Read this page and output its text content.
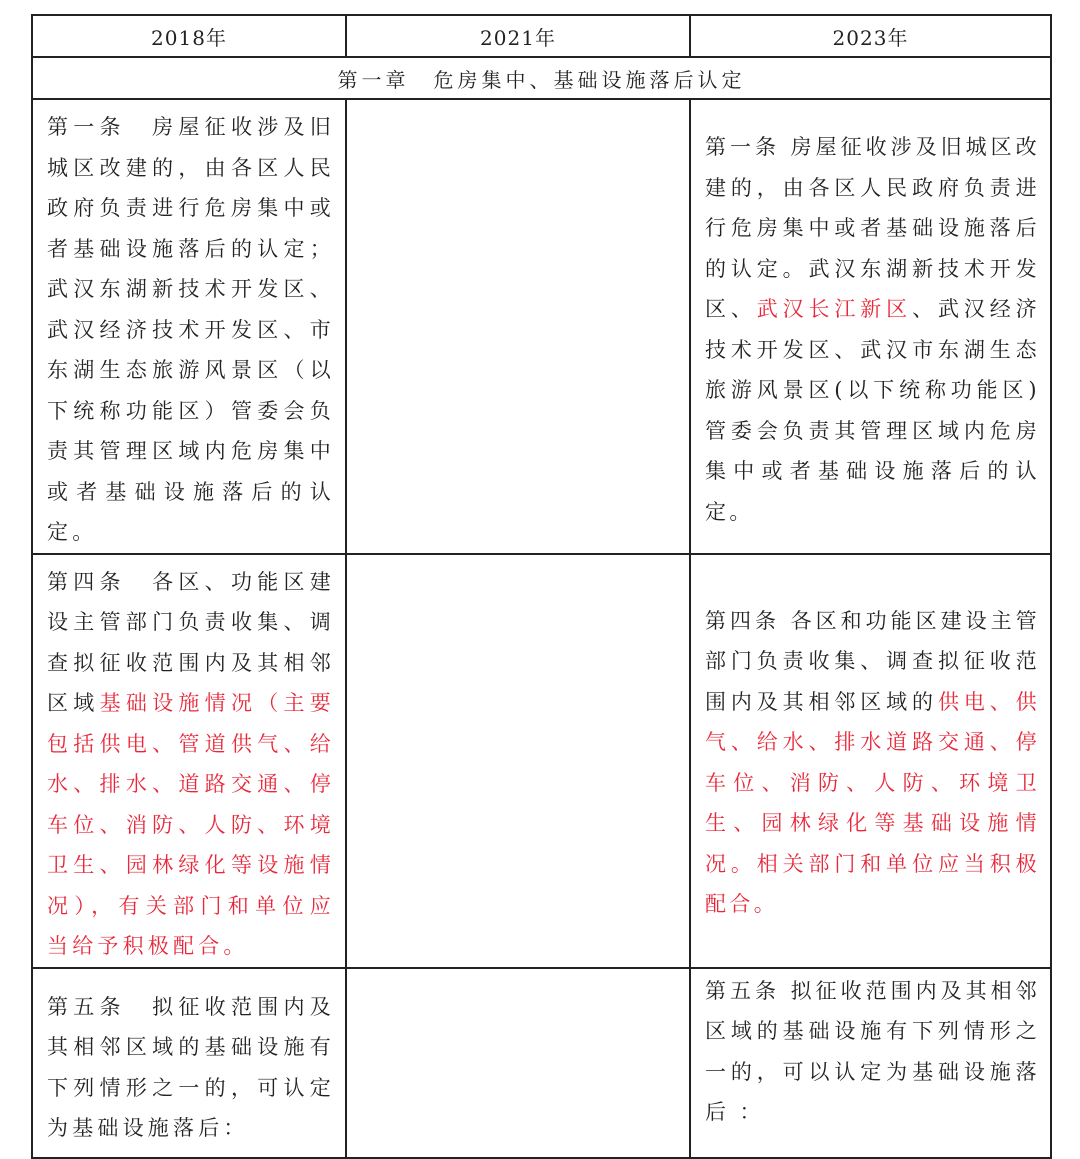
2018年	2021年	2023年
第一章　危房集中、基础设施落后认定		

第一条　房屋征收涉及旧城区改建的，由各区人民政府负责进行危房集中或者基础设施落后的认定；武汉东湖新技术开发区、武汉经济技术开发区、市东湖生态旅游风景区（以下统称功能区）管委会负责其管理区域内危房集中或者基础设施落后的认定。		第一条 房屋征收涉及旧城区改建的，由各区人民政府负责进行危房集中或者基础设施落后的认定。武汉东湖新技术开发区、武汉长江新区、武汉经济技术开发区、武汉市东湖生态旅游风景区(以下统称功能区)管委会负责其管理区域内危房集中或者基础设施落后的认定。

第四条　各区、功能区建设主管部门负责收集、调查拟征收范围内及其相邻区域基础设施情况（主要包括供电、管道供气、给水、排水、道路交通、停车位、消防、人防、环境卫生、园林绿化等设施情况），有关部门和单位应当给予积极配合。		第四条 各区和功能区建设主管部门负责收集、调查拟征收范围内及其相邻区域的供电、供气、给水、排水道路交通、停车位、消防、人防、环境卫生、园林绿化等基础设施情况。相关部门和单位应当积极配合。

第五条　拟征收范围内及其相邻区域的基础设施有下列情形之一的，可认定为基础设施落后：		第五条 拟征收范围内及其相邻区域的基础设施有下列情形之一的，可以认定为基础设施落后 ：
